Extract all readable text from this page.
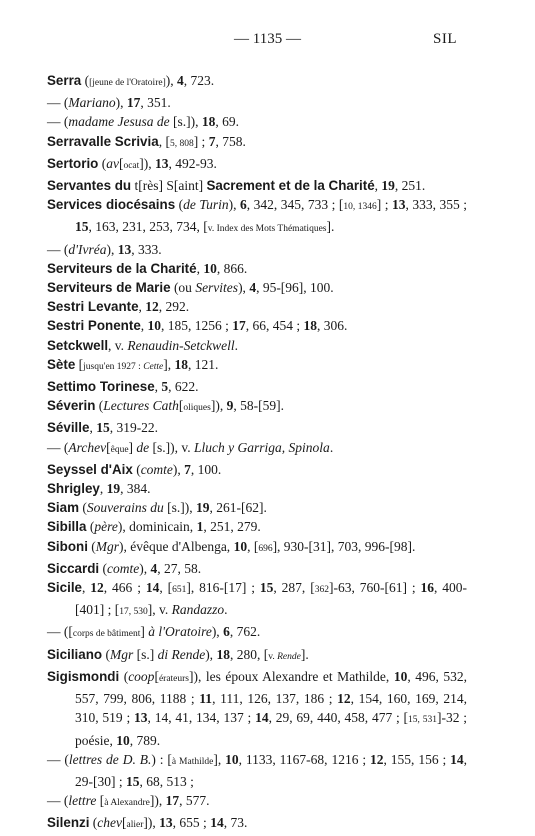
— 1135 —	SIL
Serra ([jeune de l'Oratoire]), 4, 723.
— (Mariano), 17, 351.
— (madame Jesusa de [s.]), 18, 69.
Serravalle Scrivia, [5, 808] ; 7, 758.
Sertorio (av[ocat]), 13, 492-93.
Servantes du t[rès] S[aint] Sacrement et de la Charité, 19, 251.
Services diocésains (de Turin), 6, 342, 345, 733 ; [10, 1346] ; 13, 333, 355 ; 15, 163, 231, 253, 734, [v. Index des Mots Thématiques].
— (d'Ivréa), 13, 333.
Serviteurs de la Charité, 10, 866.
Serviteurs de Marie (ou Servites), 4, 95-[96], 100.
Sestri Levante, 12, 292.
Sestri Ponente, 10, 185, 1256 ; 17, 66, 454 ; 18, 306.
Setckwell, v. Renaudin-Setckwell.
Sète [jusqu'en 1927 : Cette], 18, 121.
Settimo Torinese, 5, 622.
Séverin (Lectures Cath[oliques]), 9, 58-[59].
Séville, 15, 319-22.
— (Archev[êque] de [s.]), v. Lluch y Garriga, Spinola.
Seyssel d'Aix (comte), 7, 100.
Shrigley, 19, 384.
Siam (Souverains du [s.]), 19, 261-[62].
Sibilla (père), dominicain, 1, 251, 279.
Siboni (Mgr), évêque d'Albenga, 10, [696], 930-[31], 703, 996-[98].
Siccardi (comte), 4, 27, 58.
Sicile, 12, 466 ; 14, [651], 816-[17] ; 15, 287, [362]-63, 760-[61] ; 16, 400-[401] ; [17, 530], v. Randazzo.
— ([corps de bâtiment] à l'Oratoire), 6, 762.
Siciliano (Mgr [s.] di Rende), 18, 280, [v. Rende].
Sigismondi (coop[érateurs]), les époux Alexandre et Mathilde, 10, 496, 532, 557, 799, 806, 1188 ; 11, 111, 126, 137, 186 ; 12, 154, 160, 169, 214, 310, 519 ; 13, 14, 41, 134, 137 ; 14, 29, 69, 440, 458, 477 ; [15, 531]-32 ; poésie, 10, 789.
— (lettres de D. B.) : [à Mathilde], 10, 1133, 1167-68, 1216 ; 12, 155, 156 ; 14, 29-[30] ; 15, 68, 513 ;
— (lettre [à Alexandre]), 17, 577.
Silenzi (chev[alier]), 13, 655 ; 14, 73.
